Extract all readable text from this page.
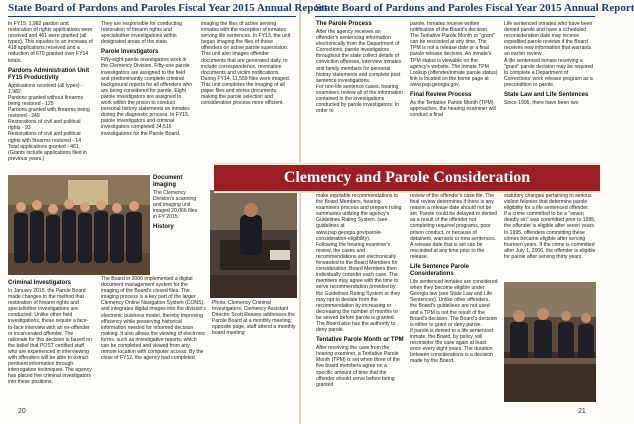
State Board of Pardons and Paroles Fiscal Year 2015 Annual Report

In FY15, 1,982 pardon and restoration of rights applications were received and 461 were granted (all types). This equates to an increase of 418 applications received and a reduction of 670 granted over FY14 totals.

Pardons Administration Unit FY15 Productivity

Applications received (all types) - 1,982
Pardons granted without firearms being restored - 125
Pardons granted with firearms being restored - 249
Restorations of civil and political rights - 93
Restorations of civil and political rights with firearms restored - 14
Total applications granted - 461.
(Grants include applications filed in previous years.)

Criminal Investigators

In January 2015, the Parole Board made changes to the method that restoration of firearm rights and special/other investigations are conducted. Unlike other field investigations, these require a face-to-face interview with an ex-offender or incarcerated offender. The rationale for this decision is based on the belief that POST certified staff who are experienced in interviewing with offenders will be able to extract pertinent information through interrogation techniques. The agency has placed five criminal investigators into these positions.

They are responsible for conducting restoration of firearm rights and special/other investigations within designated areas of the state.

Parole Investigators

Fifty-eight parole investigators work in the Clemency Division. Fifty-one parole investigators are assigned to the field and predominantly complete criminal background reports for all offenders who are being considered for parole. Eight parole investigators are assigned to work within the prison to conduct personal history statements on inmates during the diagnostic process. In FY15, parole investigators and criminal investigators completed 34,516 investigations for the Parole Board.

imaging the files of active serving inmates with the exception of inmates serving life sentences. In FY13, the unit began imaging the files of those offenders on active parole supervision.
This unit also images offender documents that are generated daily, to include correspondence, revocation documents and victim notifications. During FY14, 11,559 files were imaged.
This unit completes the imaging of all paper files and stores documents, making the parole selection and consideration process more efficient.

Document Imaging

The Clemency Division's scanning and imaging unit imaged 20,066 files in FY 2015.

History

The Board in 2006 implemented a digital document management system for the imaging of the Board's closed files. The imaging process is a key part of the larger Clemency Online Navigation System (CONS), and integrates digital images into the division's electronic business model, thereby improving efficiency while preserving historical information needed for informed decision making. It also allows the viewing of electronic forms, such as investigative reports, which can be completed and viewed from any remote location with computer access. By the close of FY12, the agency had completed

Photo: Clemency Criminal Investigators; Clemency Assistant Director Scott Reaves addresses the Parole Board at a monthly meeting; opposite page, staff attend a monthly board meeting
20
State Board of Pardons and Paroles Fiscal Year 2015 Annual Report
The Parole Process

After the agency receives an offender's sentencing information electronically from the Department of Corrections, parole investigators throughout the state collect details of conviction offenses, interview inmates and family members for personal history statements and complete post sentence investigations.
For non-life sentence cases, hearing examiners review all of the information contained in the investigations conducted by parole investigators. In order to

parole. Inmates receive written notification of the Board's decision. The Tentative Parole Month or "grant" can be rescinded at any time. The TPM is not a release date or a final parole release decision. An inmate's TPM status is viewable on the agency's website. The inmate TPM Lookup (offender/inmate parole status) link is located on the home page at www.pap.georgia.gov.

Final Review Process

As the Tentative Parole Month (TPM) approaches, the hearing examiner will conduct a final

Life sentenced inmates who have been denied parole and have a scheduled reconsideration date may receive expedited parole reviews if the Board receives new information that warrants an earlier review.
A life sentenced inmate receiving a "grant" parole decision may be required to complete a Department of Corrections' work release program as a precondition to parole.

State Law and Life Sentences

Since 1995, there have been two

Clemency and Parole Consideration

make equitable recommendations to the Board Members, hearing examiners process and prepare ruling summaries utilizing the agency's Guidelines Rating System. (see guidelines at www.pap.georgia.gov/parole-consideration-eligibility).
Following the hearing examiner's review, the cases and recommendations are electronically forwarded to the Board Members for consideration. Board Members then individually consider each case. The members may agree with the time to serve recommendation provided by the Guidelines Rating System or they may opt to deviate from the recommendation by increasing or decreasing the number of months to be served before parole is granted. The Board also has the authority to deny parole.

Tentative Parole Month or TPM

After receiving the case from the hearing examiner, a Tentative Parole Month (TPM) is set when three of the five board members agree on a specific amount of time that the offender should serve before being granted

review of the offender's case file. The final review determines if there is any reason a release date should not be set. Parole could be delayed or denied as a result of the offender not completing required programs, poor prison conduct, or because of detainers, warrants or new sentences. A release date that is set can be rescinded at any time prior to the release.

Life Sentence Parole Considerations

Life sentenced inmates are considered when they become eligible under Georgia law (see State Law and Life Sentences). Unlike other offenders, the Board's guidelines are not used and a TPM is not the result of the Board's decision. The Board's decision is either to grant or deny parole.
If parole is denied to a life sentenced inmate, the Board, by policy, will reconsider the case again at least once every eight years. The duration between considerations is a decision made by the Board.

statutory changes pertaining to serious violent felonies that determine parole eligibility for a life sentenced offender.
If a crime committed to be a "seven deadly sin" was committed prior to 1995, the offender is eligible after seven years. In 1995, offenders committing these crimes became eligible after serving fourteen years. If the crime is committed after July 1, 2006, the offender is eligible for parole after serving thirty years.

21
